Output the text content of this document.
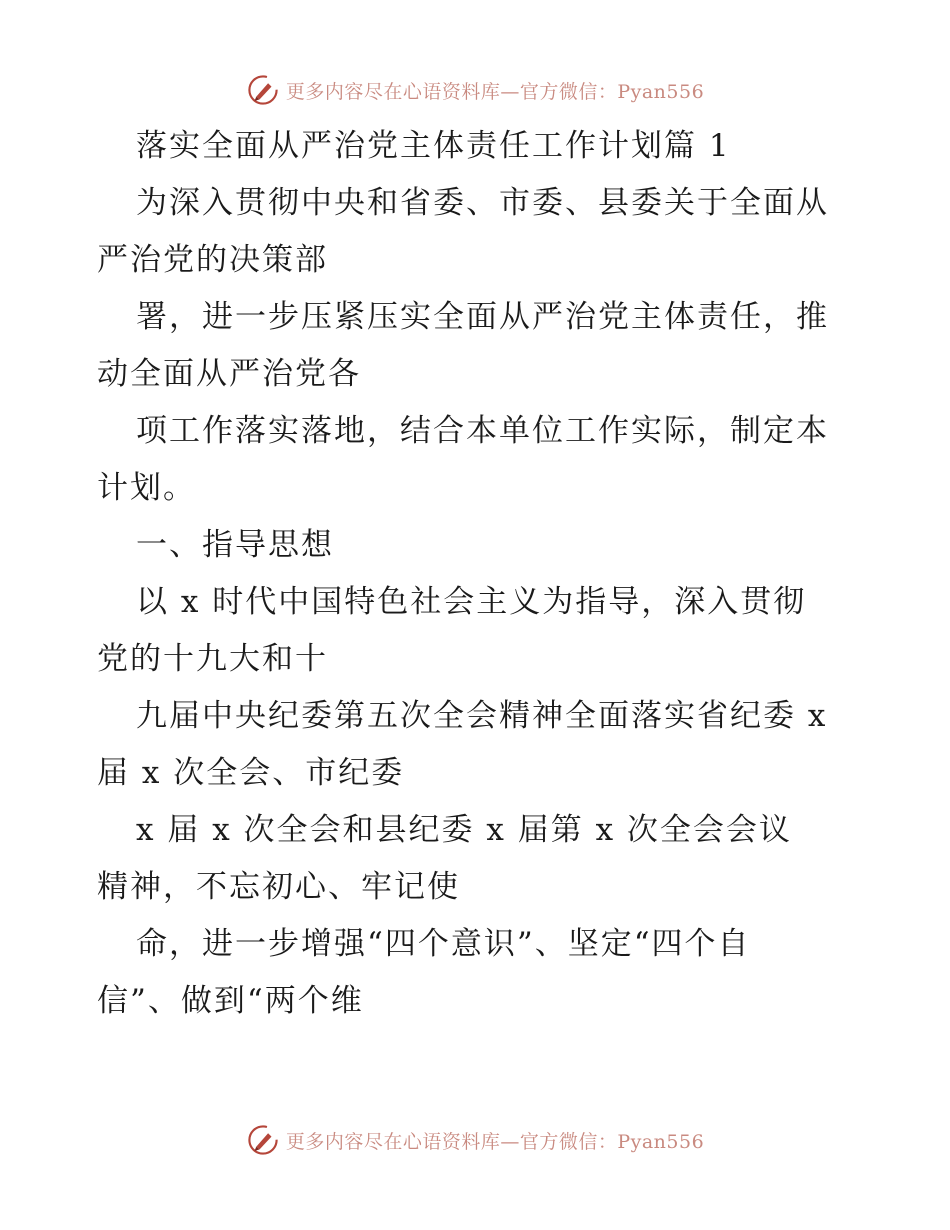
更多内容尽在心语资料库—官方微信：Pyan556
落实全面从严治党主体责任工作计划篇 1
为深入贯彻中央和省委、市委、县委关于全面从
严治党的决策部
署，进一步压紧压实全面从严治党主体责任，推
动全面从严治党各
项工作落实落地，结合本单位工作实际，制定本
计划。
一、指导思想
以 x 时代中国特色社会主义为指导，深入贯彻
党的十九大和十
九届中央纪委第五次全会精神全面落实省纪委 x
届 x 次全会、市纪委
x 届 x 次全会和县纪委 x 届第 x 次全会会议
精神，不忘初心、牢记使
命，进一步增强“四个意识”、坚定“四个自
信”、做到“两个维
更多内容尽在心语资料库—官方微信：Pyan556
